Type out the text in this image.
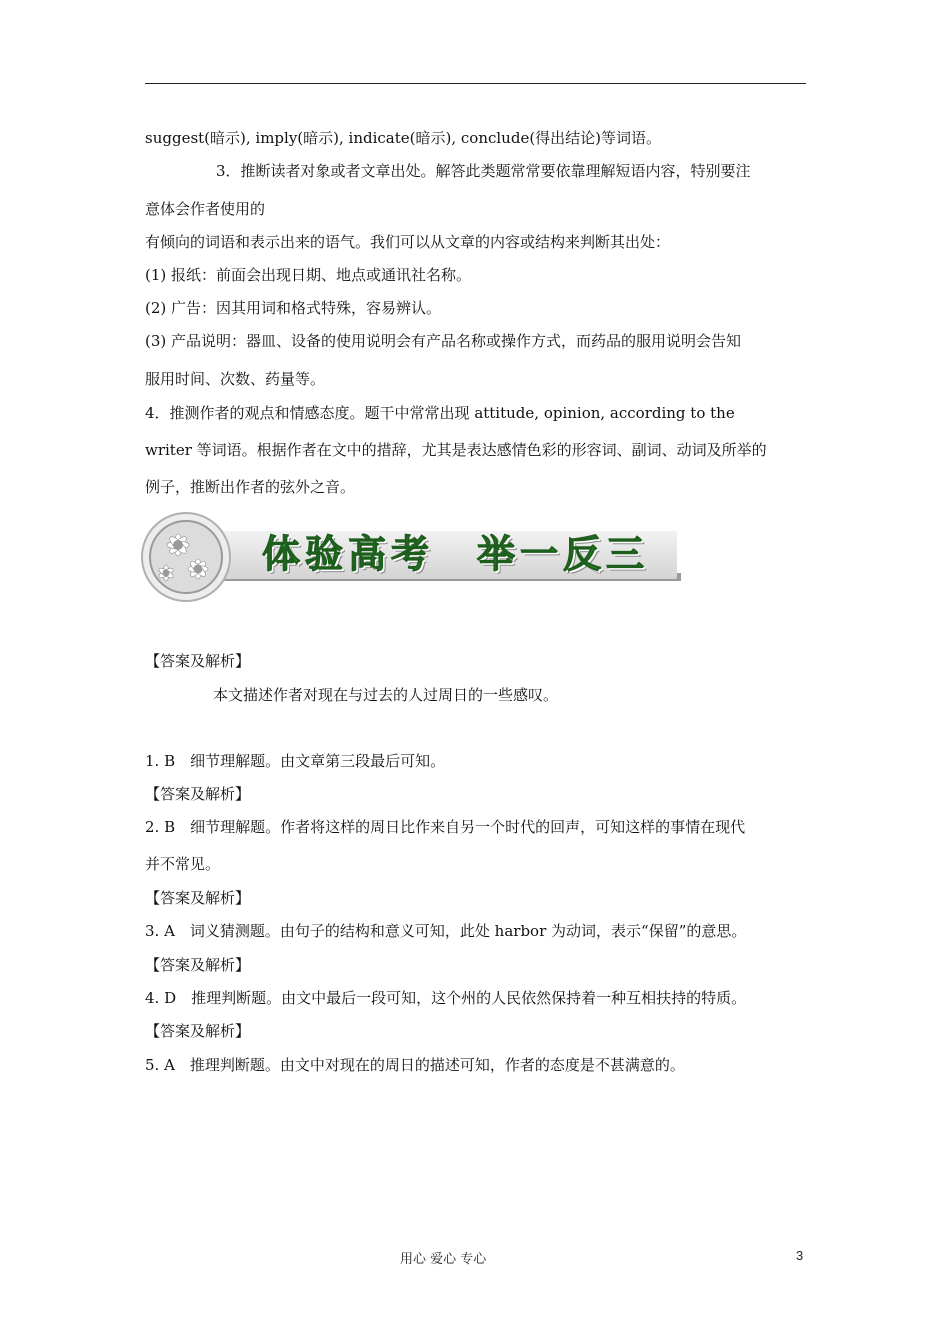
suggest(暗示), imply(暗示), indicate(暗示), conclude(得出结论)等词语。
3．推断读者对象或者文章出处。解答此类题常常要依靠理解短语内容，特别要注
意体会作者使用的
有倾向的词语和表示出来的语气。我们可以从文章的内容或结构来判断其出处：
(1) 报纸：前面会出现日期、地点或通讯社名称。
(2) 广告：因其用词和格式特殊，容易辨认。
(3) 产品说明：器皿、设备的使用说明会有产品名称或操作方式，而药品的服用说明会告知
服用时间、次数、药量等。
4．推测作者的观点和情感态度。题干中常常出现 attitude, opinion, according to the
writer 等词语。根据作者在文中的措辞，尤其是表达感情色彩的形容词、副词、动词及所举的
例子，推断出作者的弦外之音。
体验高考　举一反三
【答案及解析】
本文描述作者对现在与过去的人过周日的一些感叹。
1. B　细节理解题。由文章第三段最后可知。
【答案及解析】
2. B　细节理解题。作者将这样的周日比作来自另一个时代的回声，可知这样的事情在现代
并不常见。
【答案及解析】
3. A　词义猜测题。由句子的结构和意义可知，此处 harbor 为动词，表示“保留”的意思。
【答案及解析】
4. D　推理判断题。由文中最后一段可知，这个州的人民依然保持着一种互相扶持的特质。
【答案及解析】
5. A　推理判断题。由文中对现在的周日的描述可知，作者的态度是不甚满意的。
用心 爱心 专心	3
